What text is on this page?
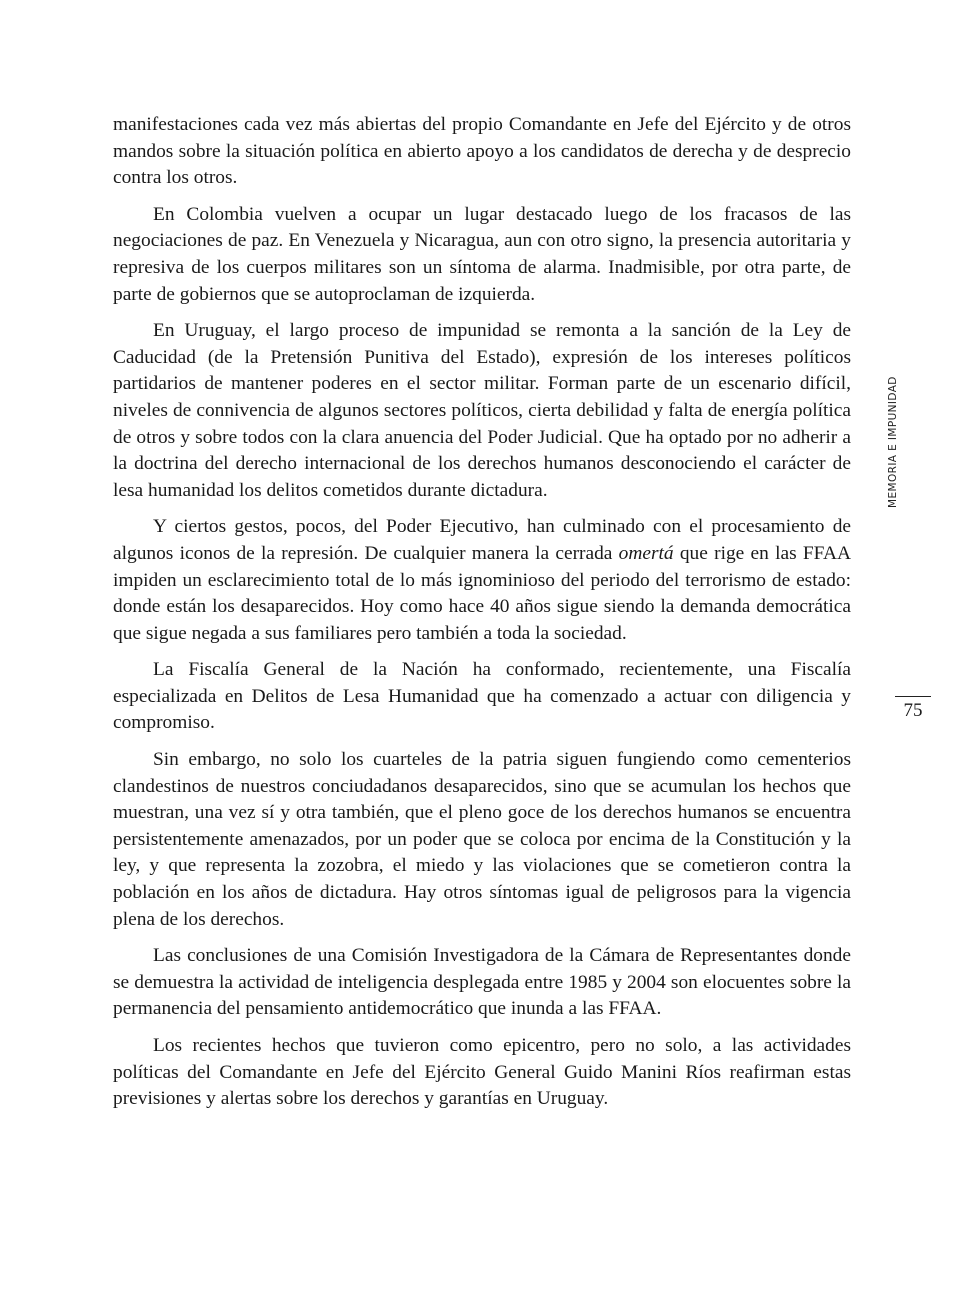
manifestaciones cada vez más abiertas del propio Comandante en Jefe del Ejército y de otros mandos sobre la situación política en abierto apoyo a los candidatos de derecha y de desprecio contra los otros.

En Colombia vuelven a ocupar un lugar destacado luego de los fracasos de las negociaciones de paz. En Venezuela y Nicaragua, aun con otro signo, la presencia autoritaria y represiva de los cuerpos militares son un síntoma de alarma. Inadmisible, por otra parte, de parte de gobiernos que se autoproclaman de izquierda.

En Uruguay, el largo proceso de impunidad se remonta a la sanción de la Ley de Caducidad (de la Pretensión Punitiva del Estado), expresión de los intereses políticos partidarios de mantener poderes en el sector militar. Forman parte de un escenario difícil, niveles de connivencia de algunos sectores políticos, cierta debilidad y falta de energía política de otros y sobre todos con la clara anuencia del Poder Judicial. Que ha optado por no adherir a la doctrina del derecho internacional de los derechos humanos desconociendo el carácter de lesa humanidad los delitos cometidos durante dictadura.

Y ciertos gestos, pocos, del Poder Ejecutivo, han culminado con el procesamiento de algunos iconos de la represión. De cualquier manera la cerrada omertá que rige en las FFAA impiden un esclarecimiento total de lo más ignominioso del periodo del terrorismo de estado: donde están los desaparecidos. Hoy como hace 40 años sigue siendo la demanda democrática que sigue negada a sus familiares pero también a toda la sociedad.

La Fiscalía General de la Nación ha conformado, recientemente, una Fiscalía especializada en Delitos de Lesa Humanidad que ha comenzado a actuar con diligencia y compromiso.

Sin embargo, no solo los cuarteles de la patria siguen fungiendo como cementerios clandestinos de nuestros conciudadanos desaparecidos, sino que se acumulan los hechos que muestran, una vez sí y otra también, que el pleno goce de los derechos humanos se encuentra persistentemente amenazados, por un poder que se coloca por encima de la Constitución y la ley, y que representa la zozobra, el miedo y las violaciones que se cometieron contra la población en los años de dictadura. Hay otros síntomas igual de peligrosos para la vigencia plena de los derechos.

Las conclusiones de una Comisión Investigadora de la Cámara de Representantes donde se demuestra la actividad de inteligencia desplegada entre 1985 y 2004 son elocuentes sobre la permanencia del pensamiento antidemocrático que inunda a las FFAA.

Los recientes hechos que tuvieron como epicentro, pero no solo, a las actividades políticas del Comandante en Jefe del Ejército General Guido Manini Ríos reafirman estas previsiones y alertas sobre los derechos y garantías en Uruguay.

MEMORIA E IMPUNIDAD
75
